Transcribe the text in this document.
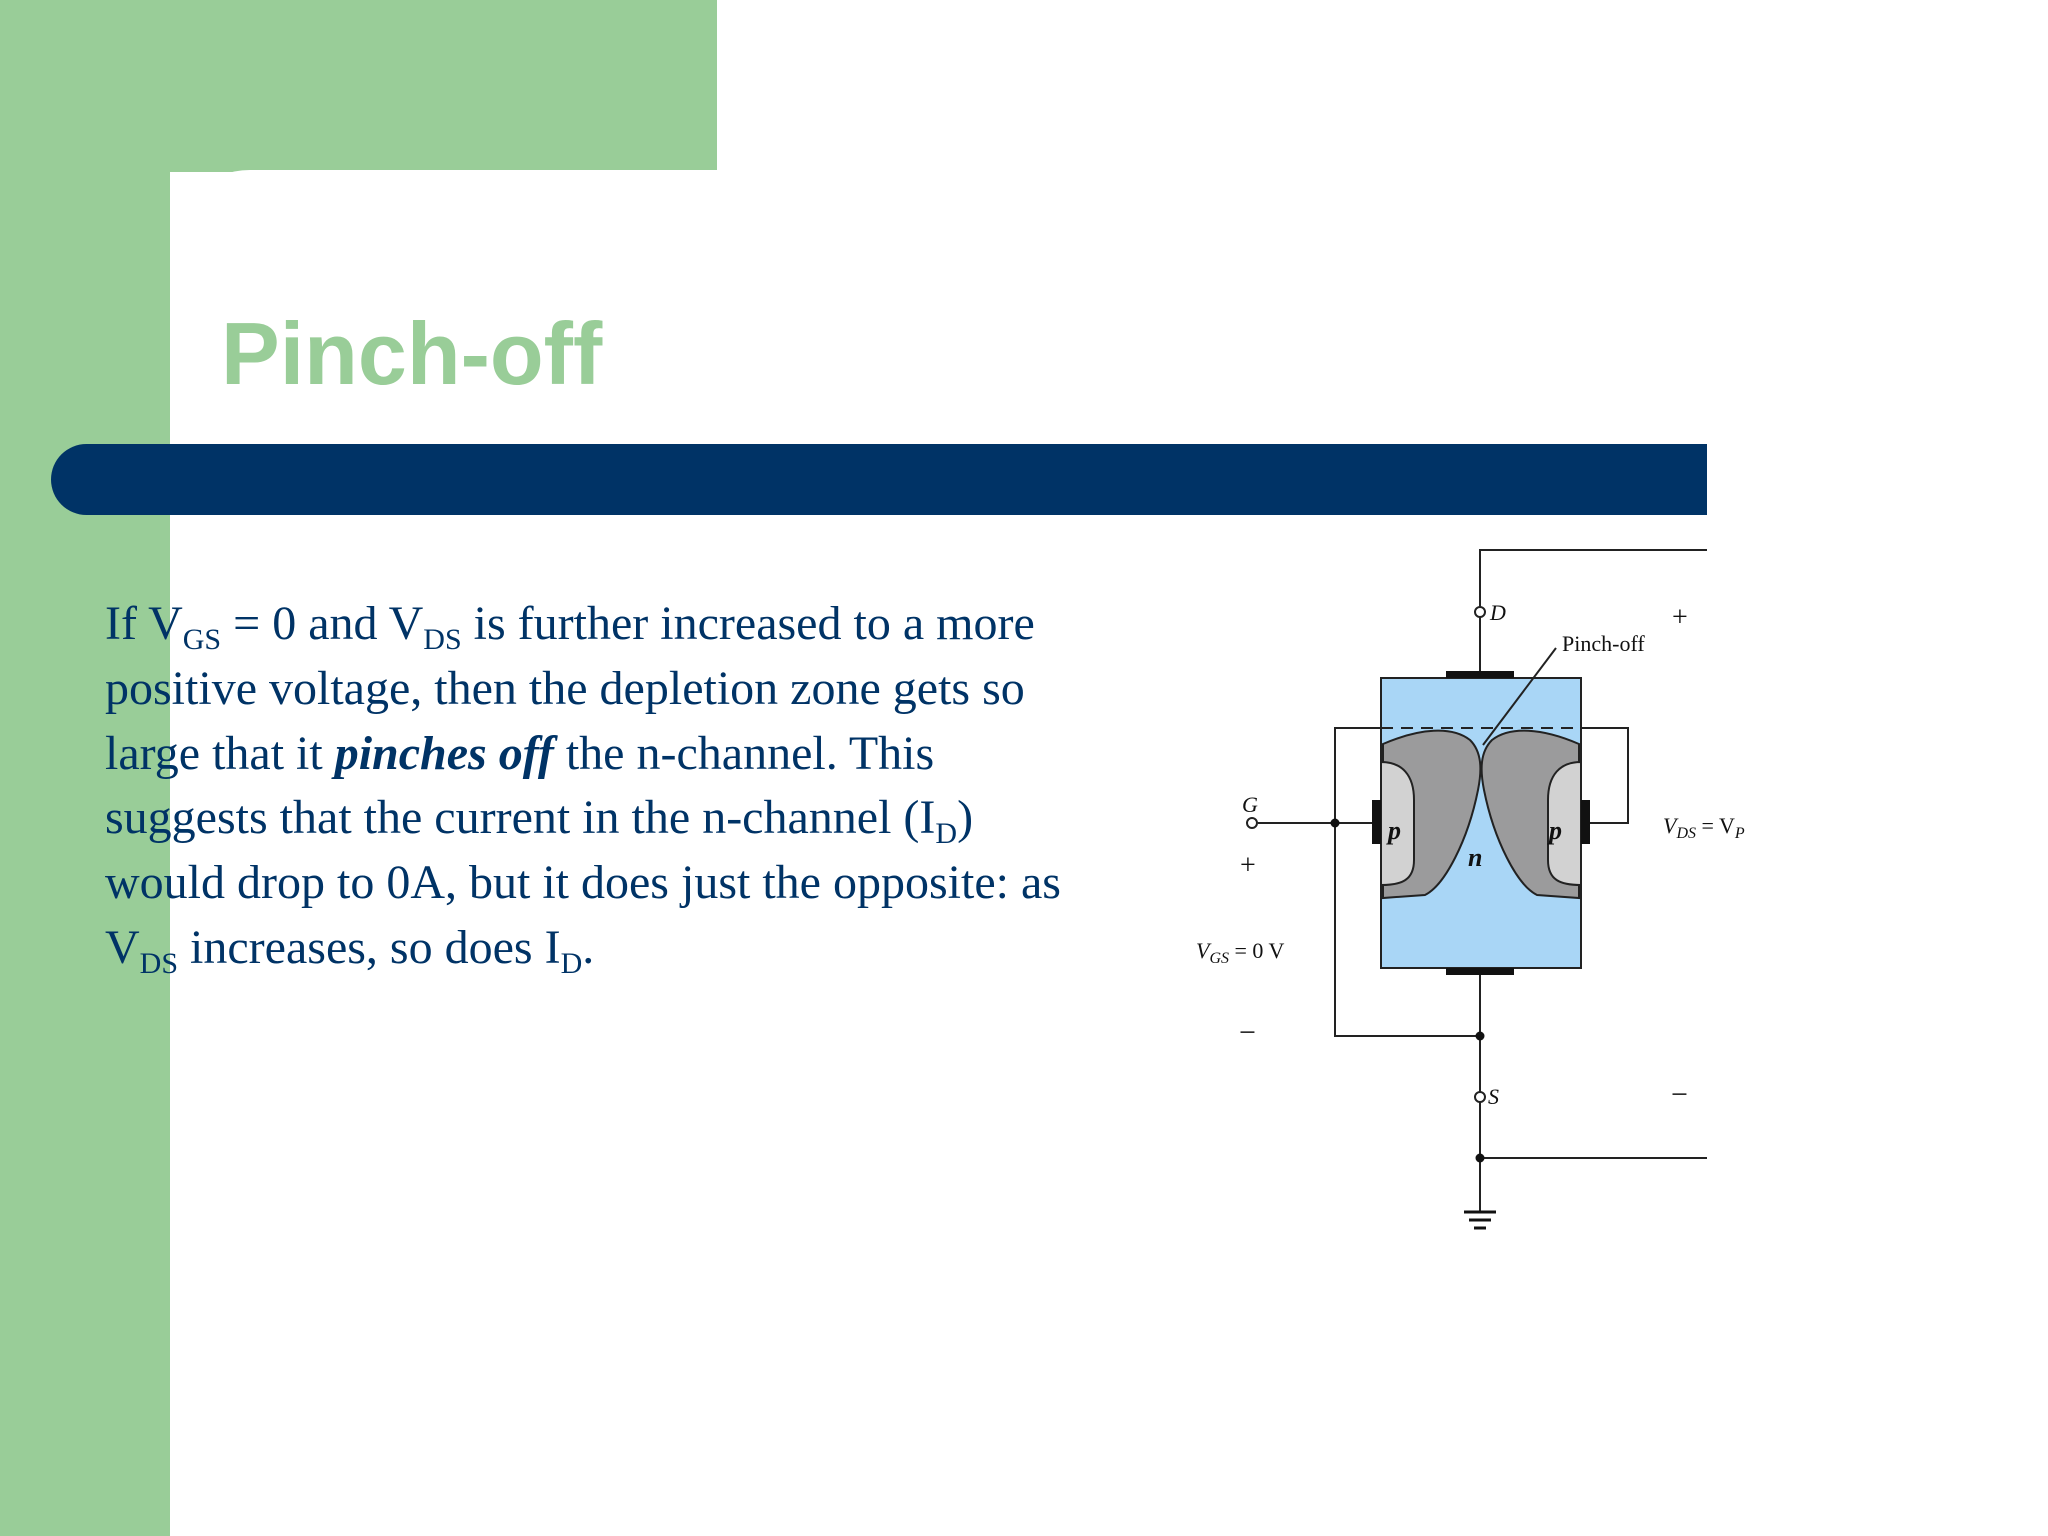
Pinch-off
If $V_{GS} = 0$ and $V_{DS}$ is further increased to a more
positive voltage, then the depletion zone gets so
large that it pinches off the n-channel. This
suggests that the current in the n-channel $(I_D)$
would drop to 0A, but it does just the opposite: as
$V_{DS}$ increases, so does $I_D$.
D
S
G
Pinch-off
p	p
n
+
−
+
−
$V_{GS} = 0$ V
$V_{DS} = V_P$
